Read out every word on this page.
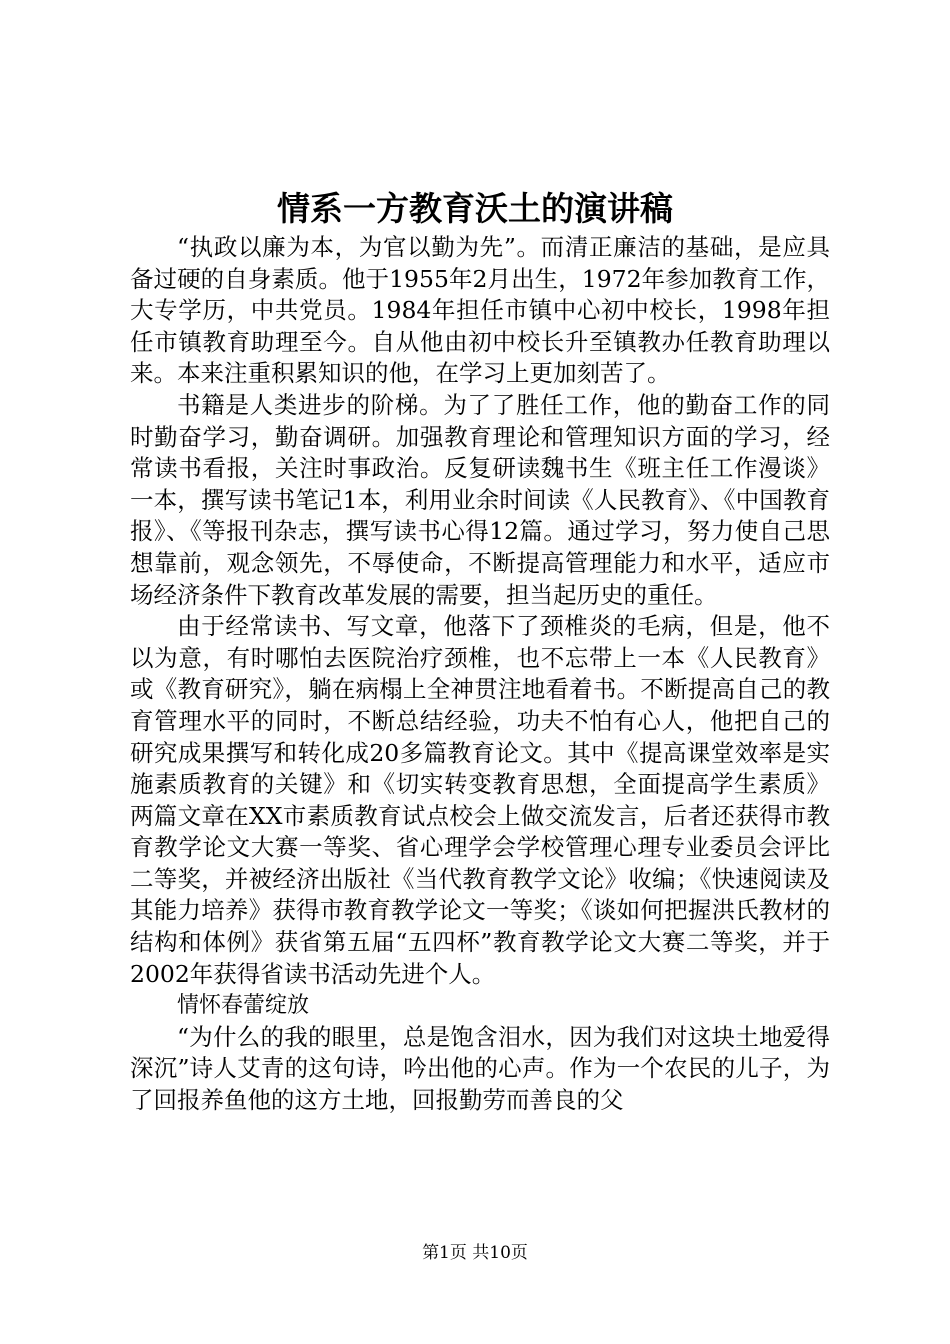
情系一方教育沃土的演讲稿

“执政以廉为本，为官以勤为先”。而清正廉洁的基础，是应具备过硬的自身素质。他于1955年2月出生，1972年参加教育工作，大专学历，中共党员。1984年担任市镇中心初中校长，1998年担任市镇教育助理至今。自从他由初中校长升至镇教办任教育助理以来。本来注重积累知识的他，在学习上更加刻苦了。

书籍是人类进步的阶梯。为了了胜任工作，他的勤奋工作的同时勤奋学习，勤奋调研。加强教育理论和管理知识方面的学习，经常读书看报，关注时事政治。反复研读魏书生《班主任工作漫谈》一本，撰写读书笔记1本，利用业余时间读《人民教育》、《中国教育报》、《等报刊杂志，撰写读书心得12篇。通过学习，努力使自己思想靠前，观念领先，不辱使命，不断提高管理能力和水平，适应市场经济条件下教育改革发展的需要，担当起历史的重任。

由于经常读书、写文章，他落下了颈椎炎的毛病，但是，他不以为意，有时哪怕去医院治疗颈椎，也不忘带上一本《人民教育》或《教育研究》，躺在病榻上全神贯注地看着书。不断提高自己的教育管理水平的同时，不断总结经验，功夫不怕有心人，他把自己的研究成果撰写和转化成20多篇教育论文。其中《提高课堂效率是实施素质教育的关键》和《切实转变教育思想，全面提高学生素质》两篇文章在XX市素质教育试点校会上做交流发言，后者还获得市教育教学论文大赛一等奖、省心理学会学校管理心理专业委员会评比二等奖，并被经济出版社《当代教育教学文论》收编；《快速阅读及其能力培养》获得市教育教学论文一等奖；《谈如何把握洪氏教材的结构和体例》获省第五届“五四杯”教育教学论文大赛二等奖，并于2002年获得省读书活动先进个人。

情怀春蕾绽放

“为什么的我的眼里，总是饱含泪水，因为我们对这块土地爱得深沉”诗人艾青的这句诗，吟出他的心声。作为一个农民的儿子，为了回报养鱼他的这方土地，回报勤劳而善良的父

第1页 共10页
